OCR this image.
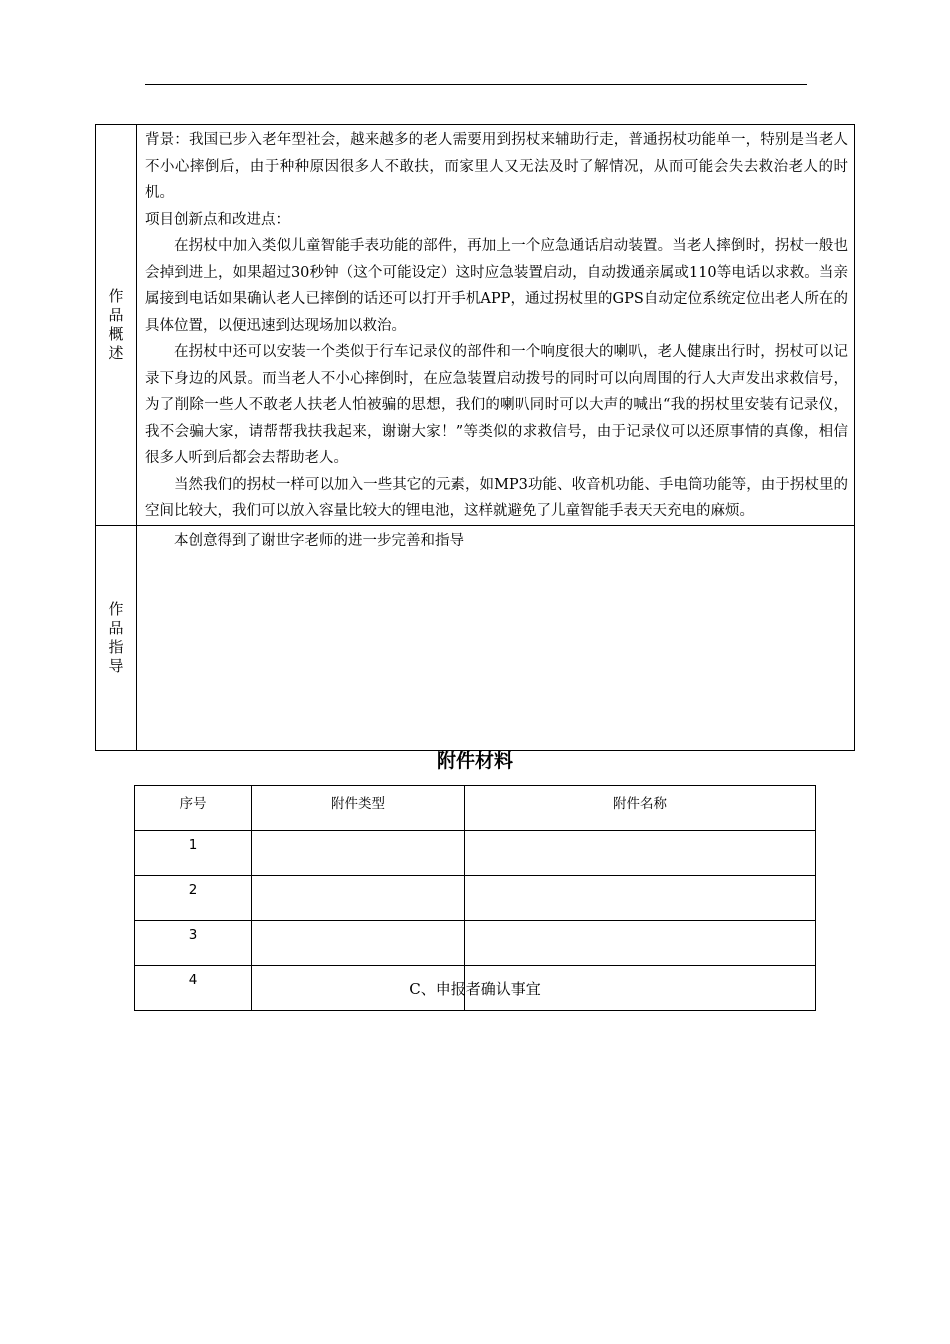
作品概述	背景：我国已步入老年型社会，越来越多的老人需要用到拐杖来辅助行走，普通拐杖功能单一，特别是当老人不小心摔倒后，由于种种原因很多人不敢扶，而家里人又无法及时了解情况，从而可能会失去救治老人的时机。

项目创新点和改进点：

在拐杖中加入类似儿童智能手表功能的部件，再加上一个应急通话启动装置。当老人摔倒时，拐杖一般也会掉到进上，如果超过30秒钟（这个可能设定）这时应急装置启动，自动拨通亲属或110等电话以求救。当亲属接到电话如果确认老人已摔倒的话还可以打开手机APP，通过拐杖里的GPS自动定位系统定位出老人所在的具体位置，以便迅速到达现场加以救治。

在拐杖中还可以安装一个类似于行车记录仪的部件和一个响度很大的喇叭，老人健康出行时，拐杖可以记录下身边的风景。而当老人不小心摔倒时，在应急装置启动拨号的同时可以向周围的行人大声发出求救信号，为了削除一些人不敢老人扶老人怕被骗的思想，我们的喇叭同时可以大声的喊出“我的拐杖里安装有记录仪，我不会骗大家，请帮帮我扶我起来，谢谢大家！”等类似的求救信号，由于记录仪可以还原事情的真像，相信很多人听到后都会去帮助老人。

当然我们的拐杖一样可以加入一些其它的元素，如MP3功能、收音机功能、手电筒功能等，由于拐杖里的空间比较大，我们可以放入容量比较大的锂电池，这样就避免了儿童智能手表天天充电的麻烦。

作品指导	本创意得到了谢世字老师的进一步完善和指导

附件材料
序号	附件类型	附件名称
1		
2		
3		
4			C、申报者确认事宜
